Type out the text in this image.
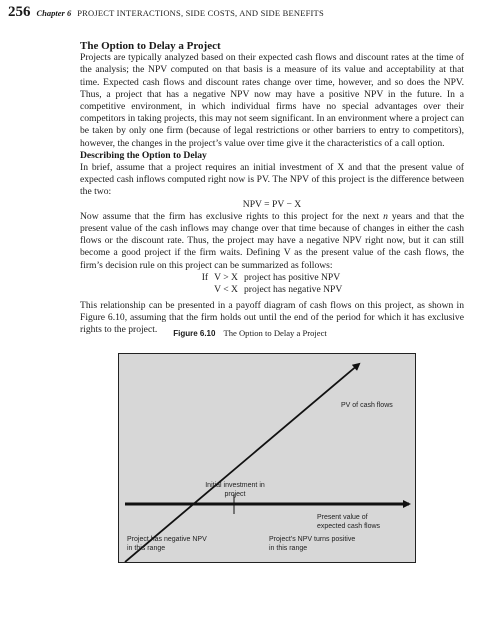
256 Chapter 6 PROJECT INTERACTIONS, SIDE COSTS, AND SIDE BENEFITS

The Option to Delay a Project

Projects are typically analyzed based on their expected cash flows and discount rates at the time of the analysis; the NPV computed on that basis is a measure of its value and acceptability at that time. Expected cash flows and discount rates change over time, however, and so does the NPV. Thus, a project that has a negative NPV now may have a positive NPV in the future. In a competitive environment, in which individual firms have no special advantages over their competitors in taking projects, this may not seem significant. In an environment where a project can be taken by only one firm (because of legal restrictions or other barriers to entry to competitors), however, the changes in the project’s value over time give it the characteristics of a call option.

Describing the Option to Delay

In brief, assume that a project requires an initial investment of X and that the present value of expected cash inflows computed right now is PV. The NPV of this project is the difference between the two:

NPV = PV − X

Now assume that the firm has exclusive rights to this project for the next n years and that the present value of the cash inflows may change over that time because of changes in either the cash flows or the discount rate. Thus, the project may have a negative NPV right now, but it can still become a good project if the firm waits. Defining V as the present value of the cash flows, the firm’s decision rule on this project can be summarized as follows:

If	V > X	project has positive NPV
	V < X	project has negative NPV

This relationship can be presented in a payoff diagram of cash flows on this project, as shown in Figure 6.10, assuming that the firm holds out until the end of the period for which it has exclusive rights to the project.	Figure 6.10 The Option to Delay a Project
PV of cash flows
Initial investment in project
Present value of expected cash flows
Project has negative NPV in this range
Project’s NPV turns positive in this range
